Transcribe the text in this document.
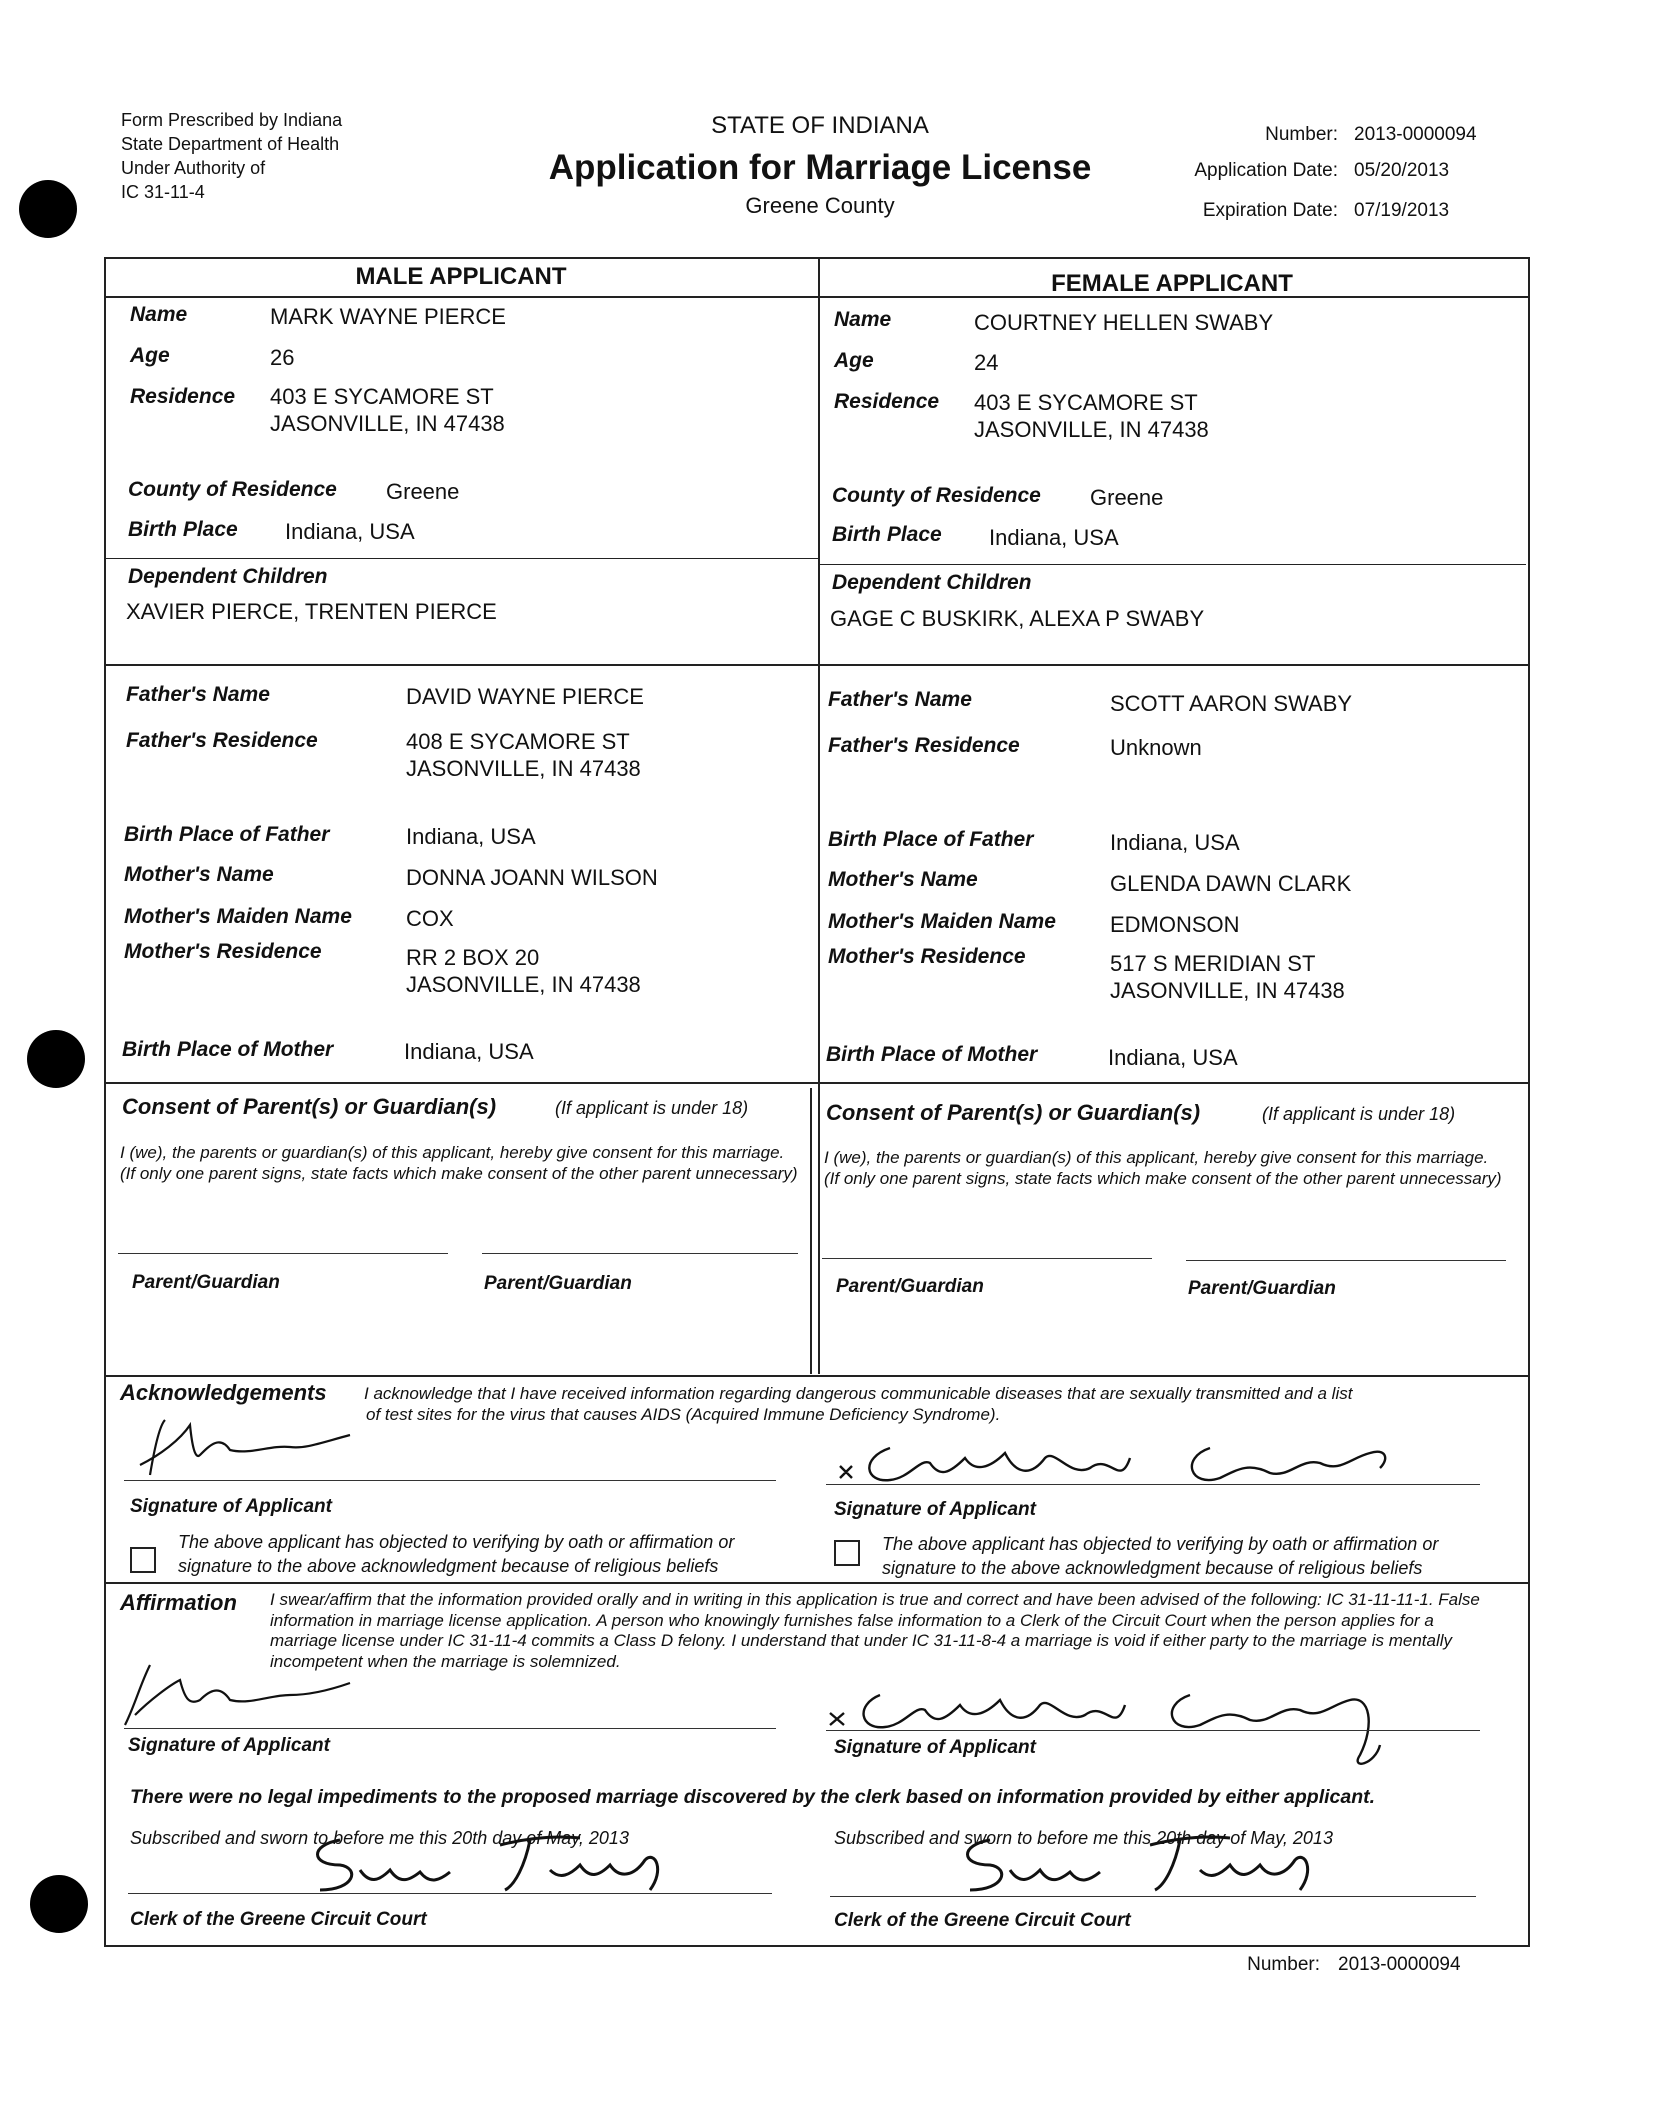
Form Prescribed by Indiana
State Department of Health
Under Authority of
IC 31-11-4
STATE OF INDIANA
Application for Marriage License
Greene County
Number: 2013-0000094
Application Date: 05/20/2013
Expiration Date: 07/19/2013
MALE APPLICANT	FEMALE APPLICANT
Name	MARK WAYNE PIERCE
Age	26
Residence 403 E SYCAMORE ST
JASONVILLE, IN 47438
County of Residence Greene
Birth Place Indiana, USA
Dependent Children
XAVIER PIERCE, TRENTEN PIERCE
Name	COURTNEY HELLEN SWABY
Age	24
Residence 403 E SYCAMORE ST
JASONVILLE, IN 47438
County of Residence Greene
Birth Place Indiana, USA
Dependent Children
GAGE C BUSKIRK, ALEXA P SWABY
Father's Name	DAVID WAYNE PIERCE
Father's Residence	408 E SYCAMORE ST
JASONVILLE, IN 47438
Birth Place of Father	Indiana, USA
Mother's Name	DONNA JOANN WILSON
Mother's Maiden Name COX
Mother's Residence	RR 2 BOX 20
JASONVILLE, IN 47438
Birth Place of Mother	Indiana, USA
Father's Name	SCOTT AARON SWABY
Father's Residence	Unknown
Birth Place of Father	Indiana, USA
Mother's Name	GLENDA DAWN CLARK
Mother's Maiden Name EDMONSON
Mother's Residence	517 S MERIDIAN ST
JASONVILLE, IN 47438
Birth Place of Mother	Indiana, USA
Consent of Parent(s) or Guardian(s)	(If applicant is under 18)
I (we), the parents or guardian(s) of this applicant, hereby give consent for this marriage. (If only one parent signs, state facts which make consent of the other parent unnecessary)
Parent/Guardian	Parent/Guardian
Consent of Parent(s) or Guardian(s)	(If applicant is under 18)
I (we), the parents or guardian(s) of this applicant, hereby give consent for this marriage. (If only one parent signs, state facts which make consent of the other parent unnecessary)
Parent/Guardian	Parent/Guardian
Acknowledgements I acknowledge that I have received information regarding dangerous communicable diseases that are sexually transmitted and a list
of test sites for the virus that causes AIDS (Acquired Immune Deficiency Syndrome).
Signature of Applicant
The above applicant has objected to verifying by oath or affirmation or signature to the above acknowledgment because of religious beliefs
Signature of Applicant
The above applicant has objected to verifying by oath or affirmation or signature to the above acknowledgment because of religious beliefs
Affirmation I swear/affirm that the information provided orally and in writing in this application is true and correct and have been advised of the following: IC 31-11-11-1. False information in marriage license application. A person who knowingly furnishes false information to a Clerk of the Circuit Court when the person applies for a marriage license under IC 31-11-4 commits a Class D felony. I understand that under IC 31-11-8-4 a marriage is void if either party to the marriage is mentally incompetent when the marriage is solemnized.
Signature of Applicant	Signature of Applicant
There were no legal impediments to the proposed marriage discovered by the clerk based on information provided by either applicant.
Subscribed and sworn to before me this 20th day of May, 2013
Clerk of the Greene Circuit Court
Subscribed and sworn to before me this 20th day of May, 2013
Clerk of the Greene Circuit Court
Number: 2013-0000094
